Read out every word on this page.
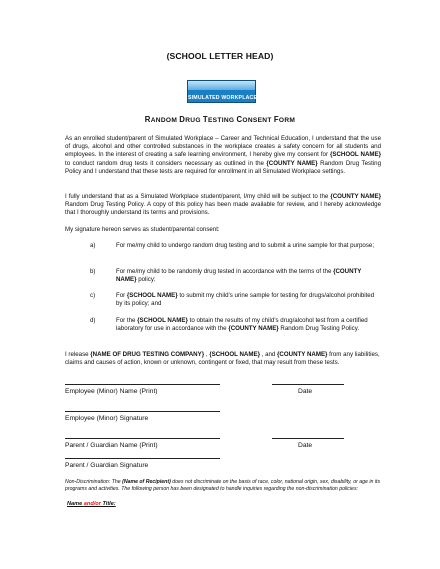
(SCHOOL LETTER HEAD)
SIMULATED WORKPLACE
RANDOM DRUG TESTING CONSENT FORM
As an enrolled student/parent of Simulated Workplace – Career and Technical Education, I understand that the use of drugs, alcohol and other controlled substances in the workplace creates a safety concern for all students and employees. In the interest of creating a safe learning environment, I hereby give my consent for {SCHOOL NAME} to conduct random drug tests it considers necessary as outlined in the {COUNTY NAME} Random Drug Testing Policy and I understand that these tests are required for enrollment in all Simulated Workplace settings.
I fully understand that as a Simulated Workplace student/parent, I/my child will be subject to the {COUNTY NAME} Random Drug Testing Policy. A copy of this policy has been made available for review, and I hereby acknowledge that I thoroughly understand its terms and provisions.
My signature hereon serves as student/parental consent:
a)	For me/my child to undergo random drug testing and to submit a urine sample for that purpose;
b)	For me/my child to be randomly drug tested in accordance with the terms of the {COUNTY NAME} policy;
c)	For {SCHOOL NAME} to submit my child’s urine sample for testing for drugs/alcohol prohibited by its policy; and
d)	For the {SCHOOL NAME} to obtain the results of my child’s drug/alcohol test from a certified laboratory for use in accordance with the {COUNTY NAME} Random Drug Testing Policy.
I release {NAME OF DRUG TESTING COMPANY} , {SCHOOL NAME} , and {COUNTY NAME} from any liabilities, claims and causes of action, known or unknown, contingent or fixed, that may result from these tests.
Employee (Minor) Name (Print)	Date
Employee (Minor) Signature
Parent / Guardian Name (Print)	Date
Parent / Guardian Signature
Non-Discrimination: The (Name of Recipient) does not discriminate on the basis of race, color, national origin, sex, disability, or age in its programs and activities. The following person has been designated to handle inquiries regarding the non-discrimination policies:
Name and/or Title:
